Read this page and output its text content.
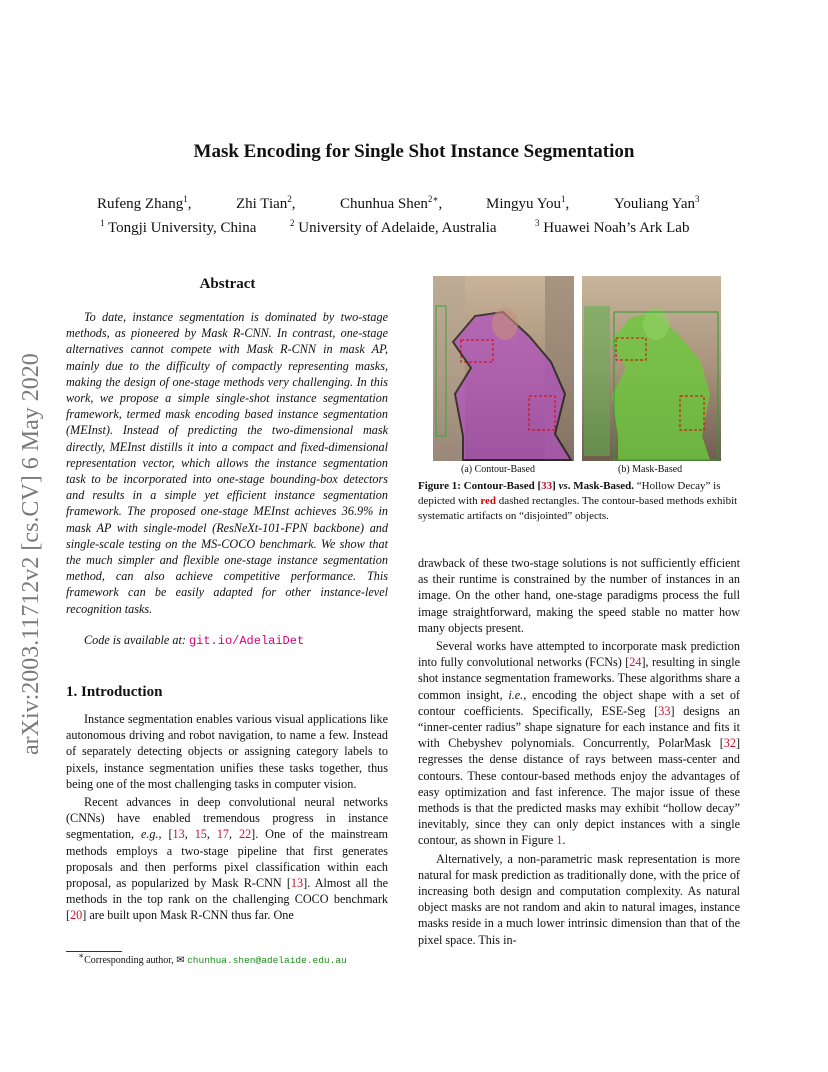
Mask Encoding for Single Shot Instance Segmentation
Rufeng Zhang$^1$,	Zhi Tian$^2$,	Chunhua Shen$^{2∗}$,	Mingyu You$^1$,	Youliang Yan$^3$
$^1$ Tongji University, China	$^2$ University of Adelaide, Australia	$^3$ Huawei Noah’s Ark Lab
arXiv:2003.11712v2 [cs.CV] 6 May 2020
Abstract

To date, instance segmentation is dominated by two-stage methods, as pioneered by Mask R-CNN. In contrast, one-stage alternatives cannot compete with Mask R-CNN in mask AP, mainly due to the difficulty of compactly representing masks, making the design of one-stage methods very challenging. In this work, we propose a simple single-shot instance segmentation framework, termed mask encoding based instance segmentation (MEInst). Instead of predicting the two-dimensional mask directly, MEInst distills it into a compact and fixed-dimensional representation vector, which allows the instance segmentation task to be incorporated into one-stage bounding-box detectors and results in a simple yet efficient instance segmentation framework. The proposed one-stage MEInst achieves 36.9% in mask AP with single-model (ResNeXt-101-FPN backbone) and single-scale testing on the MS-COCO benchmark. We show that the much simpler and flexible one-stage instance segmentation method, can also achieve competitive performance. This framework can be easily adapted for other instance-level recognition tasks.

Code is available at: git.io/AdelaiDet
1. Introduction

Instance segmentation enables various visual applications like autonomous driving and robot navigation, to name a few. Instead of separately detecting objects or assigning category labels to pixels, instance segmentation unifies these tasks together, thus being one of the most challenging tasks in computer vision.

Recent advances in deep convolutional neural networks (CNNs) have enabled tremendous progress in instance segmentation, e.g., [13, 15, 17, 22]. One of the mainstream methods employs a two-stage pipeline that first generates proposals and then performs pixel classification within each proposal, as popularized by Mask R-CNN [13]. Almost all the methods in the top rank on the challenging COCO benchmark [20] are built upon Mask R-CNN thus far. One

∗Corresponding author, ✉ chunhua.shen@adelaide.edu.au
(a) Contour-Based	(b) Mask-Based
Figure 1: Contour-Based [33] vs. Mask-Based. “Hollow Decay” is depicted with red dashed rectangles. The contour-based methods exhibit systematic artifacts on “disjointed” objects.

drawback of these two-stage solutions is not sufficiently efficient as their runtime is constrained by the number of instances in an image. On the other hand, one-stage paradigms process the full image straightforward, making the speed stable no matter how many objects present.

Several works have attempted to incorporate mask prediction into fully convolutional networks (FCNs) [24], resulting in single shot instance segmentation frameworks. These algorithms share a common insight, i.e., encoding the object shape with a set of contour coefficients. Specifically, ESE-Seg [33] designs an “inner-center radius” shape signature for each instance and fits it with Chebyshev polynomials. Concurrently, PolarMask [32] regresses the dense distance of rays between mass-center and contours. These contour-based methods enjoy the advantages of easy optimization and fast inference. The major issue of these methods is that the predicted masks may exhibit “hollow decay” inevitably, since they can only depict instances with a single contour, as shown in Figure 1.

Alternatively, a non-parametric mask representation is more natural for mask prediction as traditionally done, with the price of increasing both design and computation complexity. As natural object masks are not random and akin to natural images, instance masks reside in a much lower intrinsic dimension than that of the pixel space. This in-
